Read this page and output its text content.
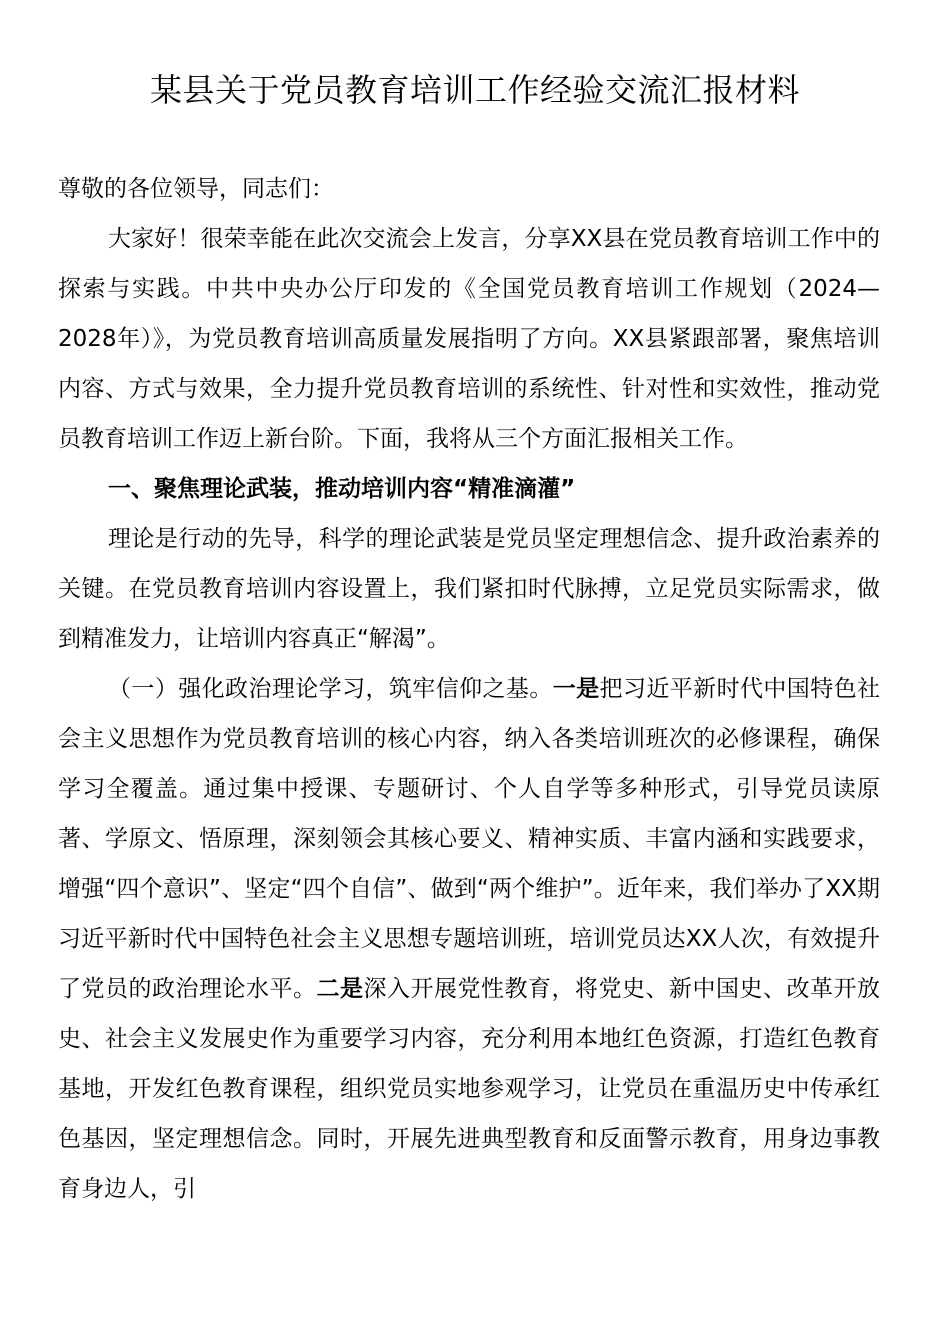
某县关于党员教育培训工作经验交流汇报材料

尊敬的各位领导，同志们：

大家好！很荣幸能在此次交流会上发言，分享XX县在党员教育培训工作中的探索与实践。中共中央办公厅印发的《全国党员教育培训工作规划（2024—2028年）》，为党员教育培训高质量发展指明了方向。XX县紧跟部署，聚焦培训内容、方式与效果，全力提升党员教育培训的系统性、针对性和实效性，推动党员教育培训工作迈上新台阶。下面，我将从三个方面汇报相关工作。

一、聚焦理论武装，推动培训内容“精准滴灌”

理论是行动的先导，科学的理论武装是党员坚定理想信念、提升政治素养的关键。在党员教育培训内容设置上，我们紧扣时代脉搏，立足党员实际需求，做到精准发力，让培训内容真正“解渴”。

（一）强化政治理论学习，筑牢信仰之基。一是把习近平新时代中国特色社会主义思想作为党员教育培训的核心内容，纳入各类培训班次的必修课程，确保学习全覆盖。通过集中授课、专题研讨、个人自学等多种形式，引导党员读原著、学原文、悟原理，深刻领会其核心要义、精神实质、丰富内涵和实践要求，增强“四个意识”、坚定“四个自信”、做到“两个维护”。近年来，我们举办了XX期习近平新时代中国特色社会主义思想专题培训班，培训党员达XX人次，有效提升了党员的政治理论水平。二是深入开展党性教育，将党史、新中国史、改革开放史、社会主义发展史作为重要学习内容，充分利用本地红色资源，打造红色教育基地，开发红色教育课程，组织党员实地参观学习，让党员在重温历史中传承红色基因，坚定理想信念。同时，开展先进典型教育和反面警示教育，用身边事教育身边人，引
